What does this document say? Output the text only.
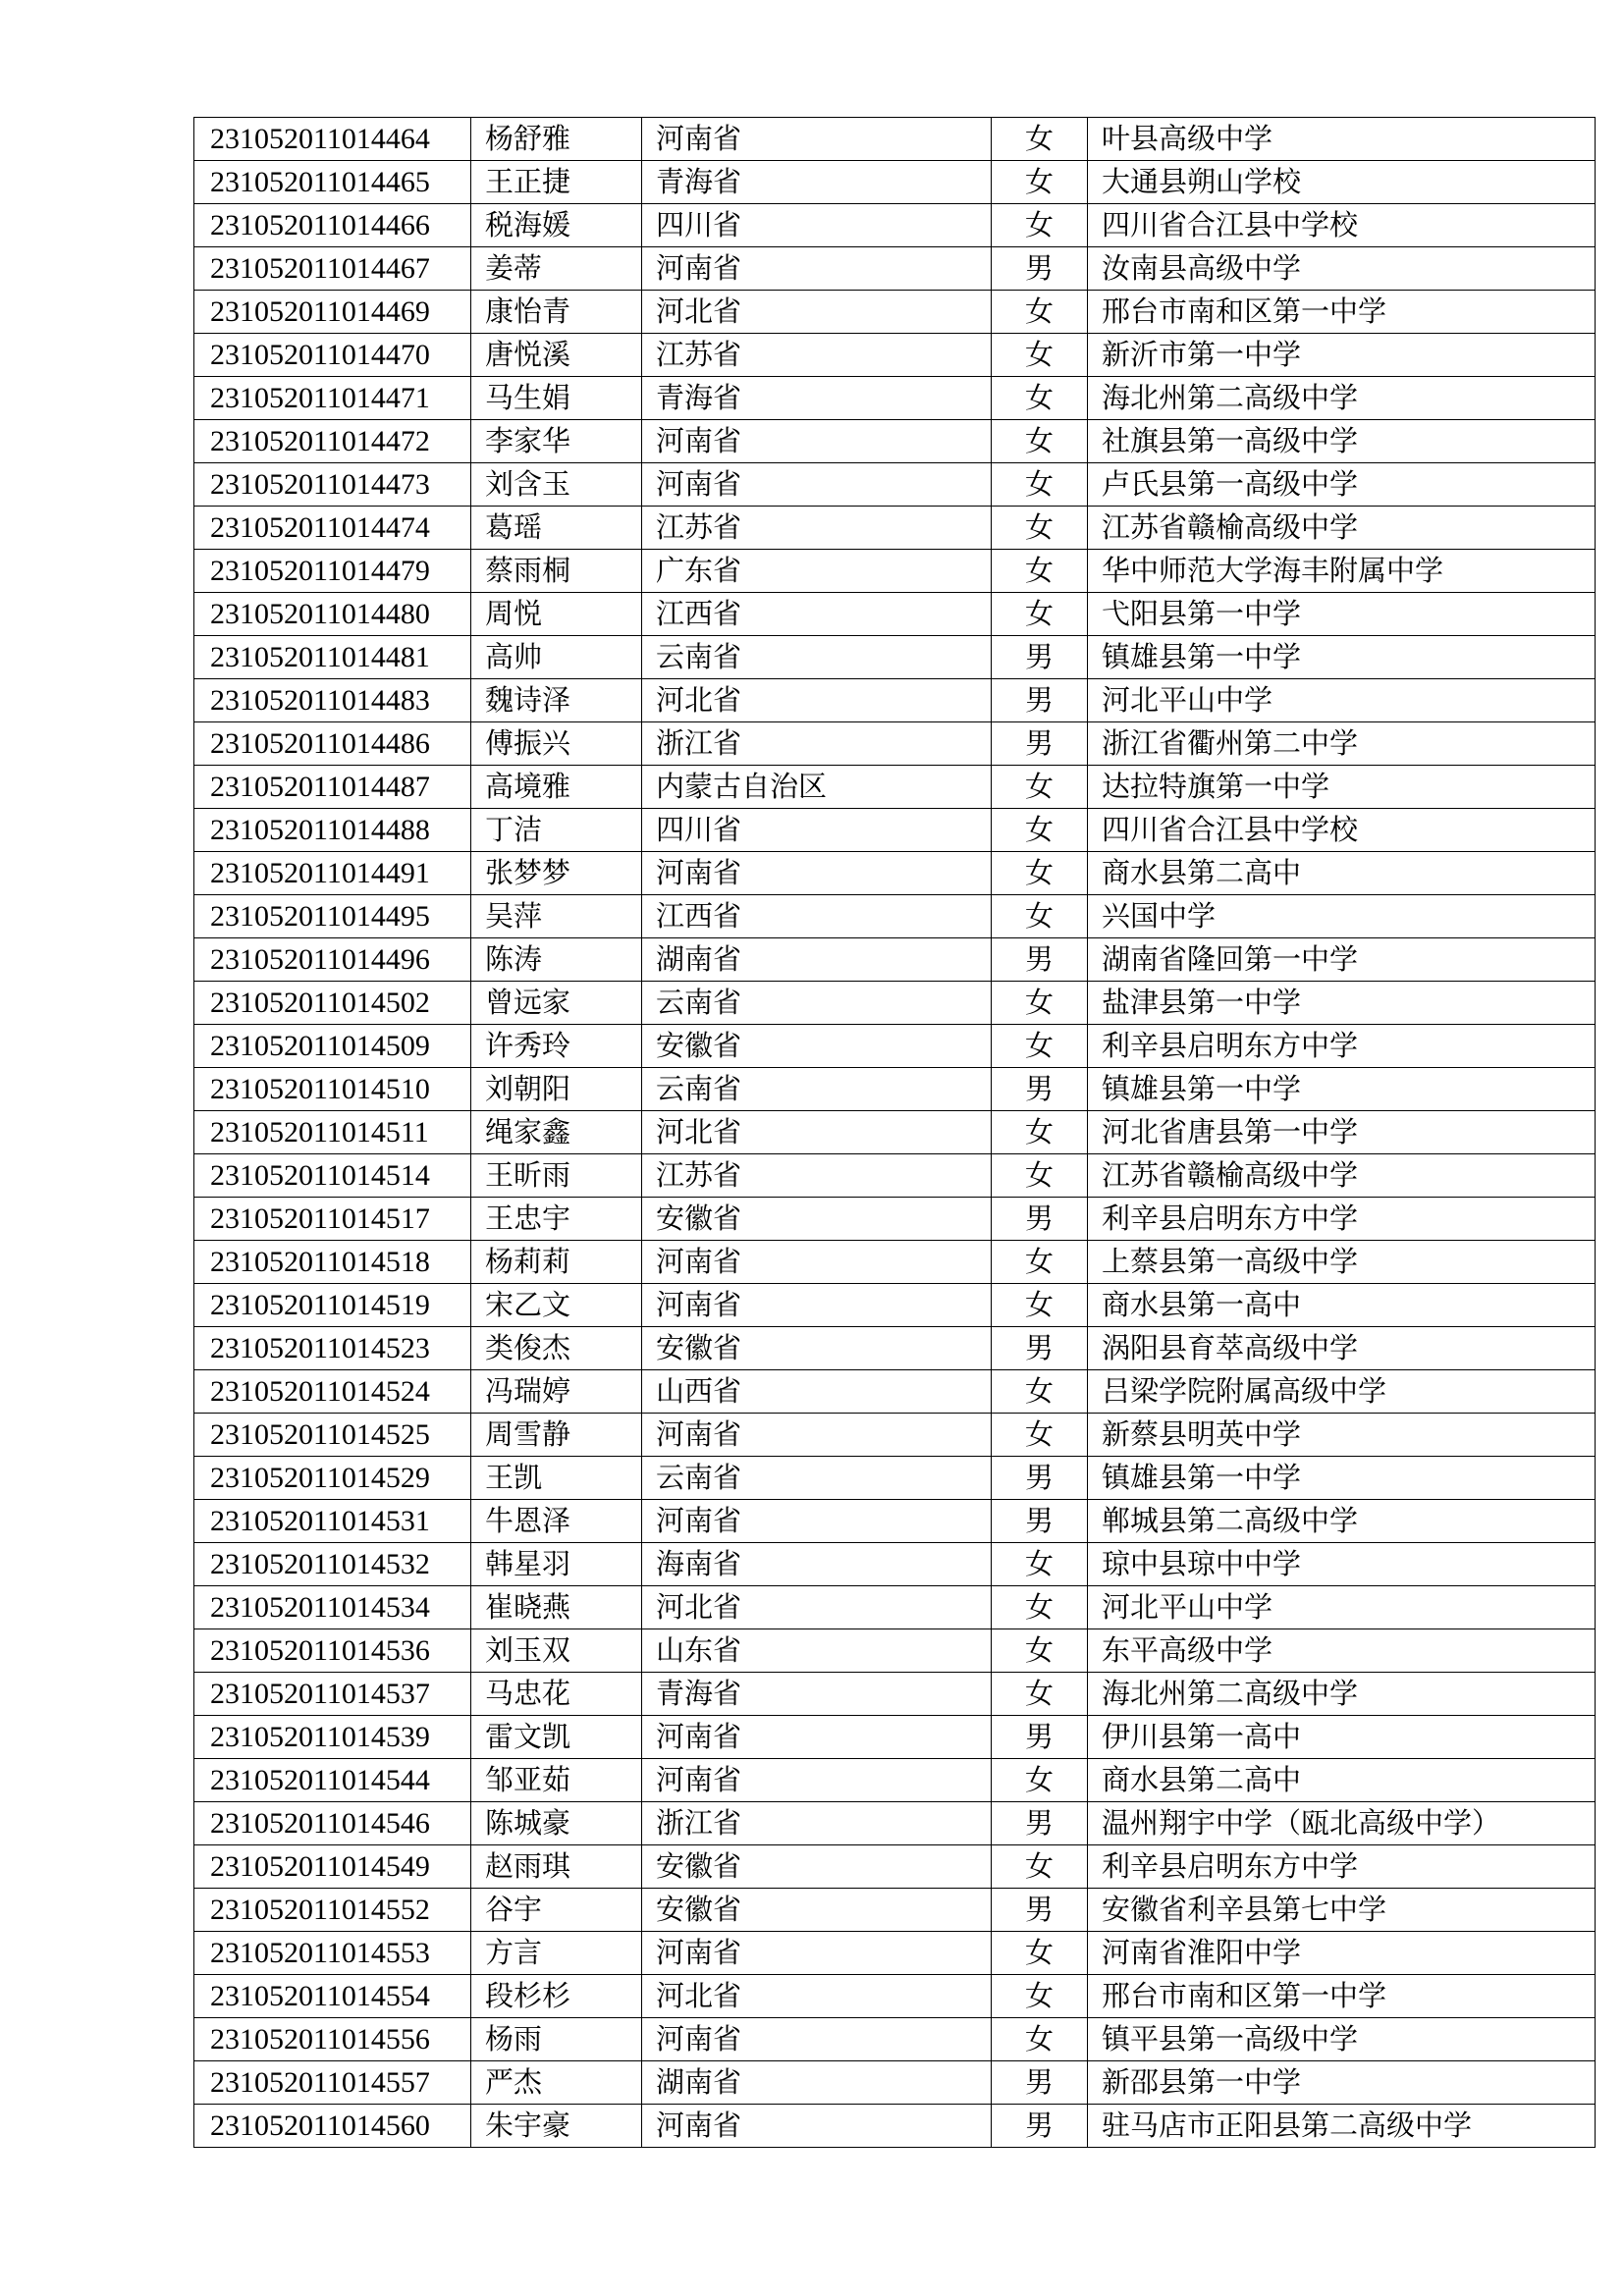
231052011014464	杨舒雅	河南省	女	叶县高级中学
231052011014465	王正捷	青海省	女	大通县朔山学校
231052011014466	税海媛	四川省	女	四川省合江县中学校
231052011014467	姜蒂	河南省	男	汝南县高级中学
231052011014469	康怡青	河北省	女	邢台市南和区第一中学
231052011014470	唐悦溪	江苏省	女	新沂市第一中学
231052011014471	马生娟	青海省	女	海北州第二高级中学
231052011014472	李家华	河南省	女	社旗县第一高级中学
231052011014473	刘含玉	河南省	女	卢氏县第一高级中学
231052011014474	葛瑶	江苏省	女	江苏省赣榆高级中学
231052011014479	蔡雨桐	广东省	女	华中师范大学海丰附属中学
231052011014480	周悦	江西省	女	弋阳县第一中学
231052011014481	高帅	云南省	男	镇雄县第一中学
231052011014483	魏诗泽	河北省	男	河北平山中学
231052011014486	傅振兴	浙江省	男	浙江省衢州第二中学
231052011014487	高境雅	内蒙古自治区	女	达拉特旗第一中学
231052011014488	丁洁	四川省	女	四川省合江县中学校
231052011014491	张梦梦	河南省	女	商水县第二高中
231052011014495	吴萍	江西省	女	兴国中学
231052011014496	陈涛	湖南省	男	湖南省隆回第一中学
231052011014502	曾远家	云南省	女	盐津县第一中学
231052011014509	许秀玲	安徽省	女	利辛县启明东方中学
231052011014510	刘朝阳	云南省	男	镇雄县第一中学
231052011014511	绳家鑫	河北省	女	河北省唐县第一中学
231052011014514	王昕雨	江苏省	女	江苏省赣榆高级中学
231052011014517	王忠宇	安徽省	男	利辛县启明东方中学
231052011014518	杨莉莉	河南省	女	上蔡县第一高级中学
231052011014519	宋乙文	河南省	女	商水县第一高中
231052011014523	类俊杰	安徽省	男	涡阳县育萃高级中学
231052011014524	冯瑞婷	山西省	女	吕梁学院附属高级中学
231052011014525	周雪静	河南省	女	新蔡县明英中学
231052011014529	王凯	云南省	男	镇雄县第一中学
231052011014531	牛恩泽	河南省	男	郸城县第二高级中学
231052011014532	韩星羽	海南省	女	琼中县琼中中学
231052011014534	崔晓燕	河北省	女	河北平山中学
231052011014536	刘玉双	山东省	女	东平高级中学
231052011014537	马忠花	青海省	女	海北州第二高级中学
231052011014539	雷文凯	河南省	男	伊川县第一高中
231052011014544	邹亚茹	河南省	女	商水县第二高中
231052011014546	陈城豪	浙江省	男	温州翔宇中学（瓯北高级中学）
231052011014549	赵雨琪	安徽省	女	利辛县启明东方中学
231052011014552	谷宇	安徽省	男	安徽省利辛县第七中学
231052011014553	方言	河南省	女	河南省淮阳中学
231052011014554	段杉杉	河北省	女	邢台市南和区第一中学
231052011014556	杨雨	河南省	女	镇平县第一高级中学
231052011014557	严杰	湖南省	男	新邵县第一中学
231052011014560	朱宇豪	河南省	男	驻马店市正阳县第二高级中学
